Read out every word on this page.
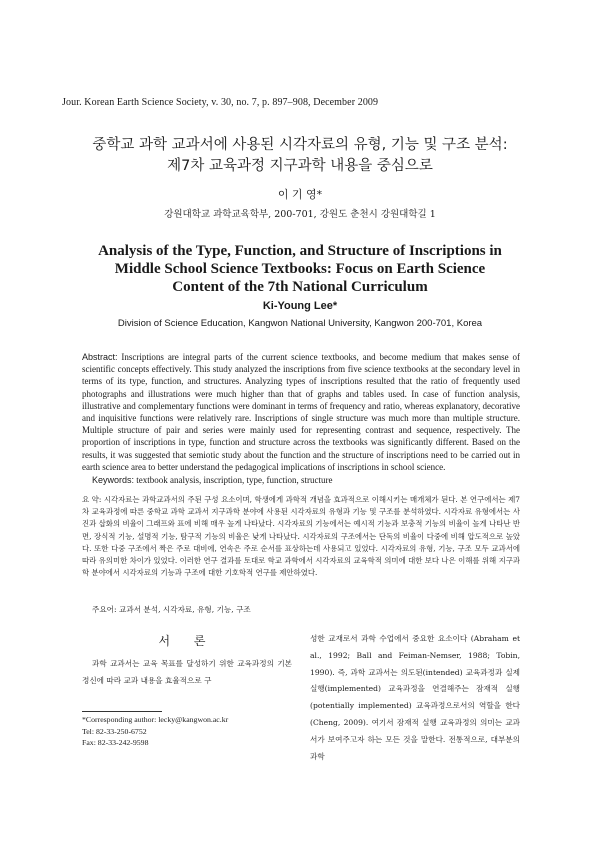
Jour. Korean Earth Science Society, v. 30, no. 7, p. 897–908, December 2009
중학교 과학 교과서에 사용된 시각자료의 유형, 기능 및 구조 분석:
제7차 교육과정 지구과학 내용을 중심으로
이 기 영*
강원대학교 과학교육학부, 200-701, 강원도 춘천시 강원대학길 1
Analysis of the Type, Function, and Structure of Inscriptions in
Middle School Science Textbooks: Focus on Earth Science
Content of the 7th National Curriculum
Ki-Young Lee*
Division of Science Education, Kangwon National University, Kangwon 200-701, Korea
Abstract: Inscriptions are integral parts of the current science textbooks, and become medium that makes sense of scientific concepts effectively. This study analyzed the inscriptions from five science textbooks at the secondary level in terms of its type, function, and structures. Analyzing types of inscriptions resulted that the ratio of frequently used photographs and illustrations were much higher than that of graphs and tables used. In case of function analysis, illustrative and complementary functions were dominant in terms of frequency and ratio, whereas explanatory, decorative and inquisitive functions were relatively rare. Inscriptions of single structure was much more than multiple structure. Multiple structure of pair and series were mainly used for representing contrast and sequence, respectively. The proportion of inscriptions in type, function and structure across the textbooks was significantly different. Based on the results, it was suggested that semiotic study about the function and the structure of inscriptions need to be carried out in earth science area to better understand the pedagogical implications of inscriptions in school science.
Keywords: textbook analysis, inscription, type, function, structure
요 약: 시각자료는 과학교과서의 주된 구성 요소이며, 학생에게 과학적 개념을 효과적으로 이해시키는 매개체가 된다. 본 연구에서는 제7차 교육과정에 따른 중학교 과학 교과서 지구과학 분야에 사용된 시각자료의 유형과 기능 및 구조를 분석하였다. 시각자료 유형에서는 사진과 삽화의 비율이 그래프와 표에 비해 매우 높게 나타났다. 시각자료의 기능에서는 예시적 기능과 보충적 기능의 비율이 높게 나타난 반면, 장식적 기능, 설명적 기능, 탐구적 기능의 비율은 낮게 나타났다. 시각자료의 구조에서는 단독의 비율이 다중에 비해 압도적으로 높았다. 또한 다중 구조에서 짝은 주로 대비에, 연속은 주로 순서를 표상하는데 사용되고 있었다. 시각자료의 유형, 기능, 구조 모두 교과서에 따라 유의미한 차이가 있었다. 이러한 연구 결과를 토대로 학교 과학에서 시각자료의 교육학적 의미에 대한 보다 나은 이해를 위해 지구과학 분야에서 시각자료의 기능과 구조에 대한 기호학적 연구를 제안하였다.
주요어: 교과서 분석, 시각자료, 유형, 기능, 구조
서 론
과학 교과서는 교육 목표를 달성하기 위한 교육과정의 기본 정신에 따라 교과 내용을 효율적으로 구
*Corresponding author: lecky@kangwon.ac.kr
Tel: 82-33-250-6752
Fax: 82-33-242-9598
성한 교재로서 과학 수업에서 중요한 요소이다 (Abraham et al., 1992; Ball and Feiman-Nemser, 1988; Tobin, 1990). 즉, 과학 교과서는 의도된(intended) 교육과정과 실제 실행(implemented) 교육과정을 연결해주는 잠재적 실행(potentially implemented) 교육과정으로서의 역할을 한다(Cheng, 2009). 여기서 잠재적 실행 교육과정의 의미는 교과서가 보여주고자 하는 모든 것을 말한다. 전통적으로, 대부분의 과학
